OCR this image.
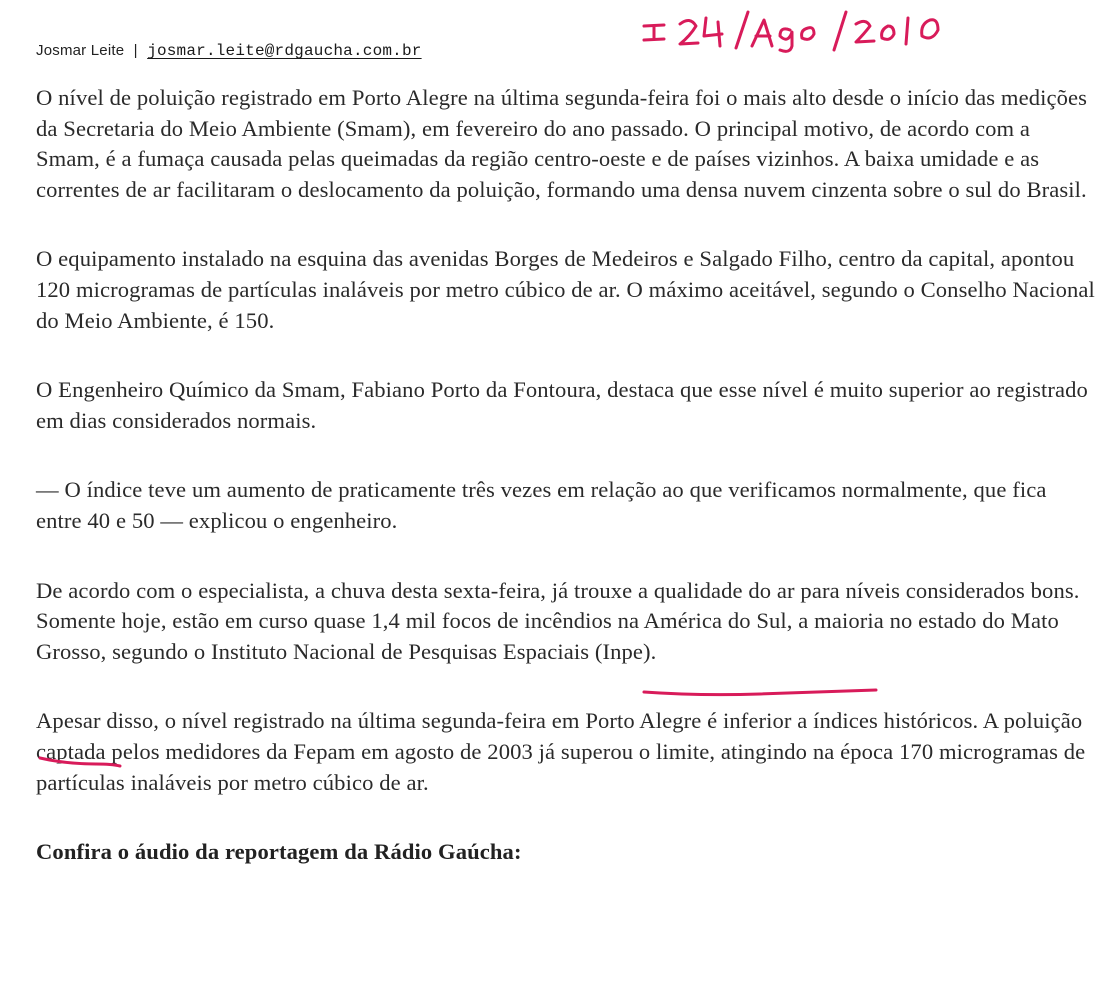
Josmar Leite | josmar.leite@rdgaucha.com.br

O nível de poluição registrado em Porto Alegre na última segunda-feira foi o mais alto desde o início das medições da Secretaria do Meio Ambiente (Smam), em fevereiro do ano passado. O principal motivo, de acordo com a Smam, é a fumaça causada pelas queimadas da região centro-oeste e de países vizinhos. A baixa umidade e as correntes de ar facilitaram o deslocamento da poluição, formando uma densa nuvem cinzenta sobre o sul do Brasil.

O equipamento instalado na esquina das avenidas Borges de Medeiros e Salgado Filho, centro da capital, apontou 120 microgramas de partículas inaláveis por metro cúbico de ar. O máximo aceitável, segundo o Conselho Nacional do Meio Ambiente, é 150.

O Engenheiro Químico da Smam, Fabiano Porto da Fontoura, destaca que esse nível é muito superior ao registrado em dias considerados normais.

— O índice teve um aumento de praticamente três vezes em relação ao que verificamos normalmente, que fica entre 40 e 50 — explicou o engenheiro.

De acordo com o especialista, a chuva desta sexta-feira, já trouxe a qualidade do ar para níveis considerados bons. Somente hoje, estão em curso quase 1,4 mil focos de incêndios na América do Sul, a maioria no estado do Mato Grosso, segundo o Instituto Nacional de Pesquisas Espaciais (Inpe).

Apesar disso, o nível registrado na última segunda-feira em Porto Alegre é inferior a índices históricos. A poluição captada pelos medidores da Fepam em agosto de 2003 já superou o limite, atingindo na época 170 microgramas de partículas inaláveis por metro cúbico de ar.

Confira o áudio da reportagem da Rádio Gaúcha:
